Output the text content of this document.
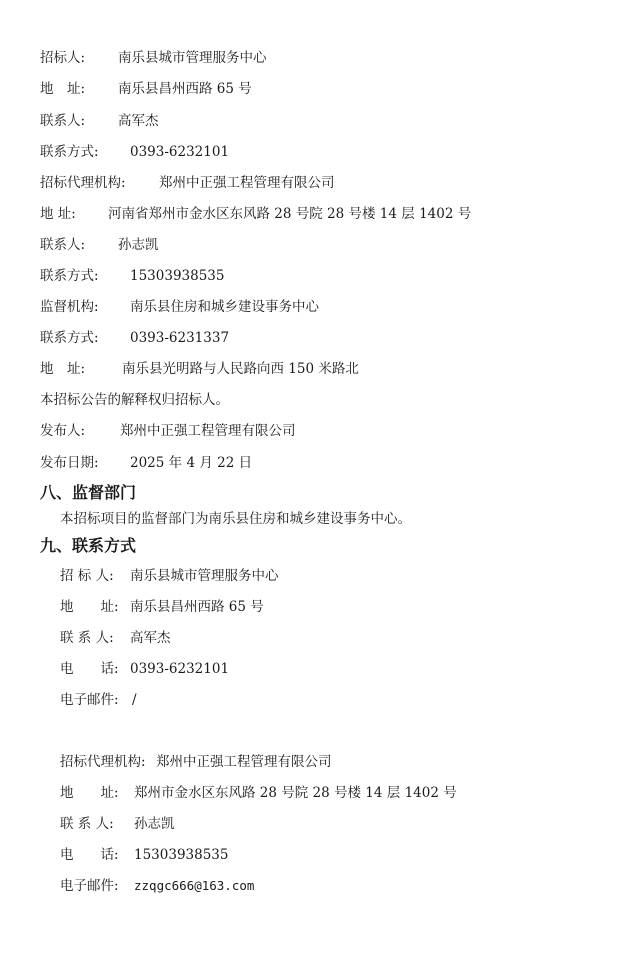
招标人: 南乐县城市管理服务中心
地　址: 南乐县昌州西路 65 号
联系人: 高军杰
联系方式: 0393-6232101
招标代理机构: 郑州中正强工程管理有限公司
地 址: 河南省郑州市金水区东风路 28 号院 28 号楼 14 层 1402 号
联系人: 孙志凯
联系方式: 15303938535
监督机构: 南乐县住房和城乡建设事务中心
联系方式: 0393-6231337
地　址:	南乐县光明路与人民路向西 150 米路北
本招标公告的解释权归招标人。
发布人:	郑州中正强工程管理有限公司
发布日期: 2025 年 4 月 22 日
八、监督部门
本招标项目的监督部门为南乐县住房和城乡建设事务中心。
九、联系方式
招 标 人: 南乐县城市管理服务中心
地　　址: 南乐县昌州西路 65 号
联 系 人: 高军杰
电　　话: 0393-6232101
电子邮件: /
招标代理机构: 郑州中正强工程管理有限公司
地　　址: 郑州市金水区东风路 28 号院 28 号楼 14 层 1402 号
联 系 人: 孙志凯
电　　话: 15303938535
电子邮件: zzqgc666@163.com
